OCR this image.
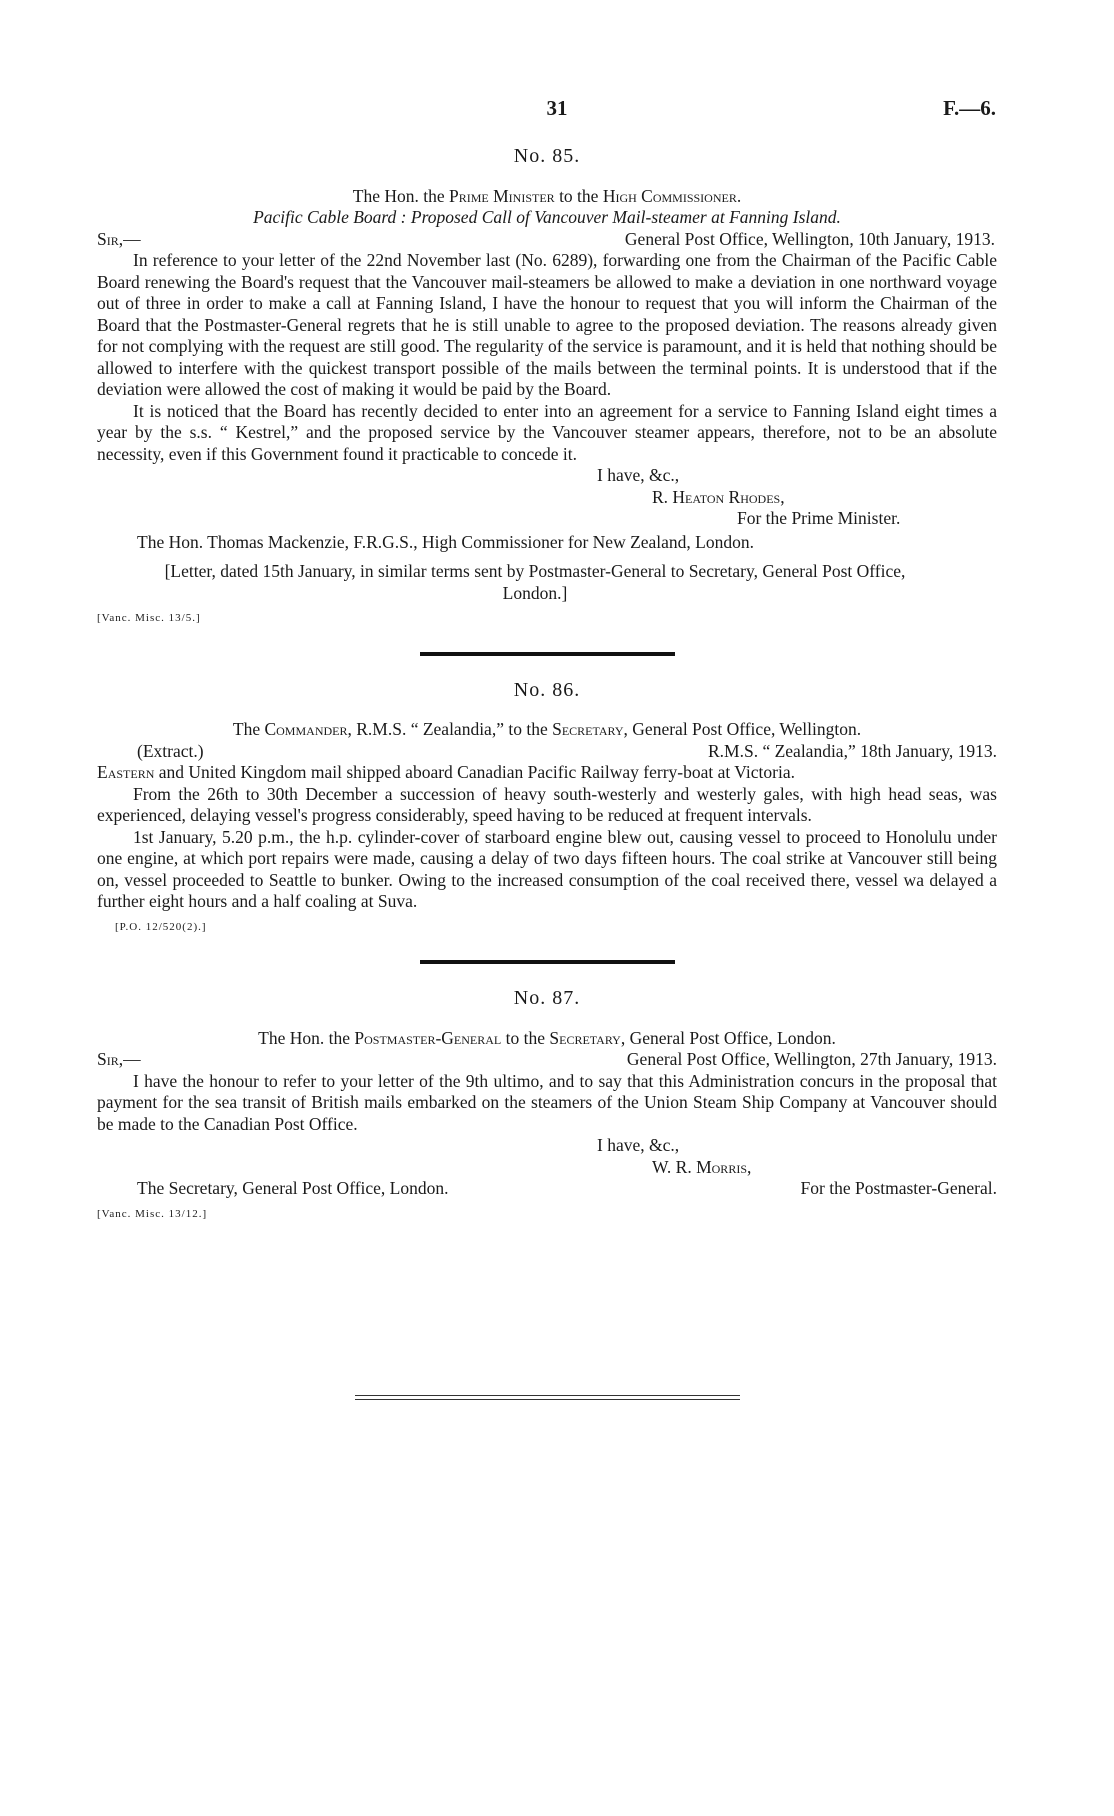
31	F.—6.

No. 85.

The Hon. the Prime Minister to the High Commissioner.

Pacific Cable Board : Proposed Call of Vancouver Mail-steamer at Fanning Island.

Sir,—	General Post Office, Wellington, 10th January, 1913.

In reference to your letter of the 22nd November last (No. 6289), forwarding one from the Chairman of the Pacific Cable Board renewing the Board's request that the Vancouver mail-steamers be allowed to make a deviation in one northward voyage out of three in order to make a call at Fanning Island, I have the honour to request that you will inform the Chairman of the Board that the Postmaster-General regrets that he is still unable to agree to the proposed deviation. The reasons already given for not complying with the request are still good. The regularity of the service is paramount, and it is held that nothing should be allowed to interfere with the quickest transport possible of the mails between the terminal points. It is understood that if the deviation were allowed the cost of making it would be paid by the Board.

It is noticed that the Board has recently decided to enter into an agreement for a service to Fanning Island eight times a year by the s.s. “ Kestrel,” and the proposed service by the Vancouver steamer appears, therefore, not to be an absolute necessity, even if this Government found it practicable to concede it.

I have, &c.,
R. Heaton Rhodes,
For the Prime Minister.

The Hon. Thomas Mackenzie, F.R.G.S., High Commissioner for New Zealand, London.

[Letter, dated 15th January, in similar terms sent by Postmaster-General to Secretary, General Post Office, London.]

[Vanc. Misc. 13/5.]

No. 86.

The Commander, R.M.S. “ Zealandia,” to the Secretary, General Post Office, Wellington.

(Extract.)	R.M.S. “ Zealandia,” 18th January, 1913.

Eastern and United Kingdom mail shipped aboard Canadian Pacific Railway ferry-boat at Victoria.

From the 26th to 30th December a succession of heavy south-westerly and westerly gales, with high head seas, was experienced, delaying vessel's progress considerably, speed having to be reduced at frequent intervals.

1st January, 5.20 p.m., the h.p. cylinder-cover of starboard engine blew out, causing vessel to proceed to Honolulu under one engine, at which port repairs were made, causing a delay of two days fifteen hours. The coal strike at Vancouver still being on, vessel proceeded to Seattle to bunker. Owing to the increased consumption of the coal received there, vessel wa delayed a further eight hours and a half coaling at Suva.

[P.O. 12/520(2).]

No. 87.

The Hon. the Postmaster-General to the Secretary, General Post Office, London.

Sir,—	General Post Office, Wellington, 27th January, 1913.

I have the honour to refer to your letter of the 9th ultimo, and to say that this Administration concurs in the proposal that payment for the sea transit of British mails embarked on the steamers of the Union Steam Ship Company at Vancouver should be made to the Canadian Post Office.

I have, &c.,
W. R. Morris,
The Secretary, General Post Office, London.	For the Postmaster-General.

[Vanc. Misc. 13/12.]
